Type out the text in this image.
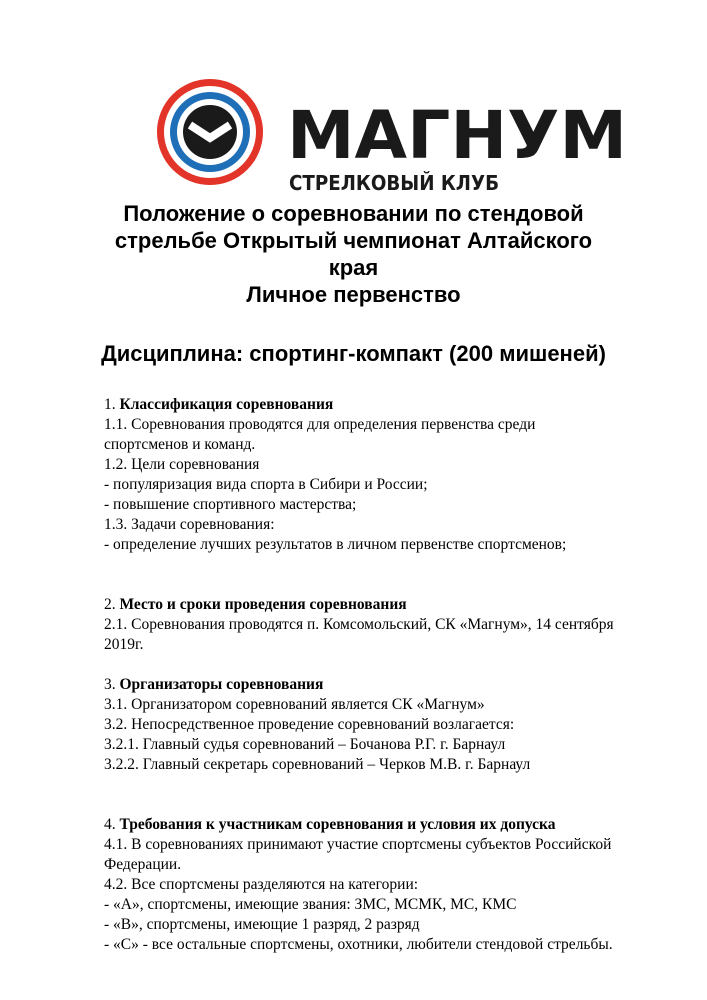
МАГНУМ
СТРЕЛКОВЫЙ КЛУБ
Положение о соревновании по стендовой
стрельбе Открытый чемпионат Алтайского
края
Личное первенство
Дисциплина: спортинг-компакт (200 мишеней)
1. Классификация соревнования
1.1. Соревнования проводятся для определения первенства среди
спортсменов и команд.
1.2. Цели соревнования
- популяризация вида спорта в Сибири и России;
- повышение спортивного мастерства;
1.3. Задачи соревнования:
- определение лучших результатов в личном первенстве спортсменов;
2. Место и сроки проведения соревнования
2.1. Соревнования проводятся п. Комсомольский, СК «Магнум», 14 сентября
2019г.
3. Организаторы соревнования
3.1. Организатором соревнований является СК «Магнум»
3.2. Непосредственное проведение соревнований возлагается:
3.2.1. Главный судья соревнований – Бочанова Р.Г. г. Барнаул
3.2.2. Главный секретарь соревнований – Черков М.В. г. Барнаул
4. Требования к участникам соревнования и условия их допуска
4.1. В соревнованиях принимают участие спортсмены субъектов Российской
Федерации.
4.2. Все спортсмены разделяются на категории:
- «А», спортсмены, имеющие звания: ЗМС, МСМК, МС, КМС
- «В», спортсмены, имеющие 1 разряд, 2 разряд
- «С» - все остальные спортсмены, охотники, любители стендовой стрельбы.
